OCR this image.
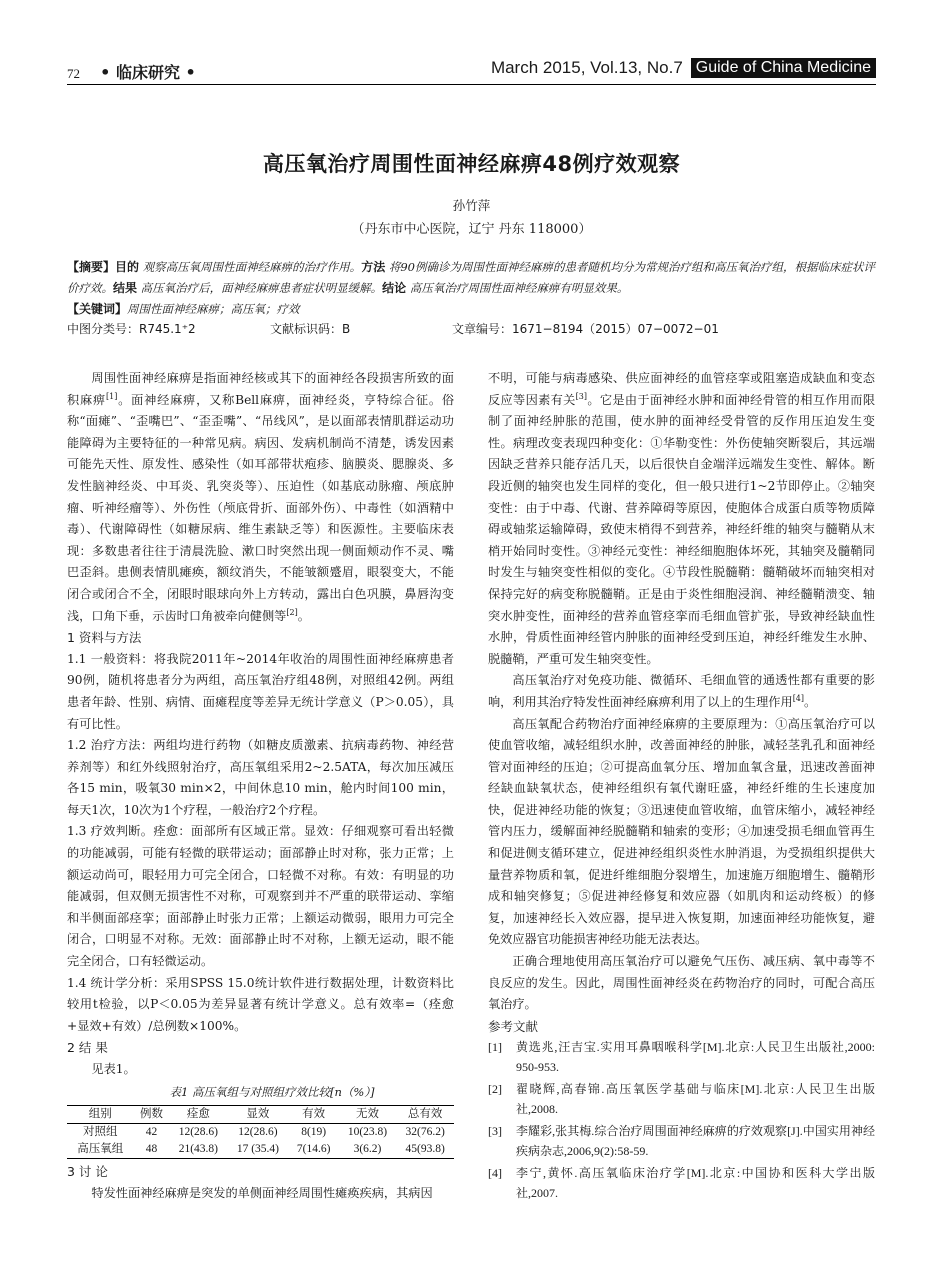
72 • 临床研究 •	March 2015, Vol.13, No.7 Guide of China Medicine
高压氧治疗周围性面神经麻痹48例疗效观察
孙竹萍
（丹东市中心医院，辽宁 丹东 118000）
【摘要】目的 观察高压氧周围性面神经麻痹的治疗作用。方法 将90例确诊为周围性面神经麻痹的患者随机均分为常规治疗组和高压氧治疗组，根据临床症状评价疗效。结果 高压氧治疗后，面神经麻痹患者症状明显缓解。结论 高压氧治疗周围性面神经麻痹有明显效果。
【关键词】周围性面神经麻痹；高压氧；疗效
中图分类号：R745.1⁺2	文献标识码：B	文章编号：1671−8194（2015）07−0072−01

周围性面神经麻痹是指面神经核或其下的面神经各段损害所致的面积麻痹[1]。面神经麻痹，又称Bell麻痹，面神经炎，亨特综合征。俗称“面瘫”、“歪嘴巴”、“歪歪嘴”、“吊线风”，是以面部表情肌群运动功能障碍为主要特征的一种常见病。病因、发病机制尚不清楚，诱发因素可能先天性、原发性、感染性（如耳部带状疱疹、脑膜炎、腮腺炎、多发性脑神经炎、中耳炎、乳突炎等）、压迫性（如基底动脉瘤、颅底肿瘤、听神经瘤等）、外伤性（颅底骨折、面部外伤）、中毒性（如酒精中毒）、代谢障碍性（如糖尿病、维生素缺乏等）和医源性。主要临床表现：多数患者往往于清晨洗脸、漱口时突然出现一侧面颊动作不灵、嘴巴歪斜。患侧表情肌瘫痪，额纹消失，不能皱额蹙眉，眼裂变大，不能闭合或闭合不全，闭眼时眼球向外上方转动，露出白色巩膜，鼻唇沟变浅，口角下垂，示齿时口角被牵向健侧等[2]。

1 资料与方法

1.1 一般资料：将我院2011年~2014年收治的周围性面神经麻痹患者90例，随机将患者分为两组，高压氧治疗组48例，对照组42例。两组患者年龄、性别、病情、面瘫程度等差异无统计学意义（P＞0.05），具有可比性。

1.2 治疗方法：两组均进行药物（如糖皮质激素、抗病毒药物、神经营养剂等）和红外线照射治疗，高压氧组采用2~2.5ATA，每次加压减压各15 min，吸氧30 min×2，中间休息10 min，舱内时间100 min，每天1次，10次为1个疗程，一般治疗2个疗程。

1.3 疗效判断。痊愈：面部所有区域正常。显效：仔细观察可看出轻微的功能减弱，可能有轻微的联带运动；面部静止时对称，张力正常；上额运动尚可，眼轻用力可完全闭合，口轻微不对称。有效：有明显的功能减弱，但双侧无损害性不对称，可观察到并不严重的联带运动、挛缩和半侧面部痉挛；面部静止时张力正常；上额运动微弱，眼用力可完全闭合，口明显不对称。无效：面部静止时不对称，上额无运动，眼不能完全闭合，口有轻微运动。

1.4 统计学分析：采用SPSS 15.0统计软件进行数据处理，计数资料比较用t检验，以P＜0.05为差异显著有统计学意义。总有效率=（痊愈+显效+有效）/总例数×100%。

2 结 果

见表1。

表1 高压氧组与对照组疗效比较[n（%）]

组别	例数	痊愈	显效	有效	无效	总有效
对照组	42	12(28.6)	12(28.6)	8(19)	10(23.8)	32(76.2)
高压氧组	48	21(43.8)	17 (35.4)	7(14.6)	3(6.2)	45(93.8)

3 讨 论

特发性面神经麻痹是突发的单侧面神经周围性瘫痪疾病，其病因

不明，可能与病毒感染、供应面神经的血管痉挛或阻塞造成缺血和变态反应等因素有关[3]。它是由于面神经水肿和面神经骨管的相互作用而限制了面神经肿胀的范围，使水肿的面神经受骨管的反作用压迫发生变性。病理改变表现四种变化：①华勒变性：外伤使轴突断裂后，其远端因缺乏营养只能存活几天，以后很快自金端洋远端发生变性、解体。断段近侧的轴突也发生同样的变化，但一般只进行1~2节即停止。②轴突变性：由于中毒、代谢、营养障碍等原因，使胞体合成蛋白质等物质障碍或轴浆运输障碍，致使末梢得不到营养，神经纤维的轴突与髓鞘从末梢开始同时变性。③神经元变性：神经细胞胞体坏死，其轴突及髓鞘同时发生与轴突变性相似的变化。④节段性脱髓鞘：髓鞘破坏而轴突相对保持完好的病变称脱髓鞘。正是由于炎性细胞浸润、神经髓鞘溃变、轴突水肿变性，面神经的营养血管痉挛而毛细血管扩张，导致神经缺血性水肿，骨质性面神经管内肿胀的面神经受到压迫，神经纤维发生水肿、脱髓鞘，严重可发生轴突变性。

高压氧治疗对免疫功能、微循环、毛细血管的通透性都有重要的影响，利用其治疗特发性面神经麻痹利用了以上的生理作用[4]。

高压氧配合药物治疗面神经麻痹的主要原理为：①高压氧治疗可以使血管收缩，减轻组织水肿，改善面神经的肿胀，减轻茎乳孔和面神经管对面神经的压迫；②可提高血氧分压、增加血氧含量，迅速改善面神经缺血缺氧状态，使神经组织有氧代谢旺盛，神经纤维的生长速度加快，促进神经功能的恢复；③迅速使血管收缩，血管床缩小，减轻神经管内压力，缓解面神经脱髓鞘和轴索的变形；④加速受损毛细血管再生和促进侧支循环建立，促进神经组织炎性水肿消退，为受损组织提供大量营养物质和氧，促进纤维细胞分裂增生，加速施万细胞增生、髓鞘形成和轴突修复；⑤促进神经修复和效应器（如肌肉和运动终板）的修复，加速神经长入效应器，提早进入恢复期，加速面神经功能恢复，避免效应器官功能损害神经功能无法表达。

正确合理地使用高压氧治疗可以避免气压伤、减压病、氧中毒等不良反应的发生。因此，周围性面神经炎在药物治疗的同时，可配合高压氧治疗。

参考文献

[1] 黄选兆,汪吉宝.实用耳鼻咽喉科学[M].北京:人民卫生出版社,2000: 950-953.
[2] 翟晓辉,高春锦.高压氧医学基础与临床[M].北京:人民卫生出版社,2008.
[3] 李耀彩,张其梅.综合治疗周围面神经麻痹的疗效观察[J].中国实用神经疾病杂志,2006,9(2):58-59.
[4] 李宁,黄怀.高压氧临床治疗学[M].北京:中国协和医科大学出版社,2007.
